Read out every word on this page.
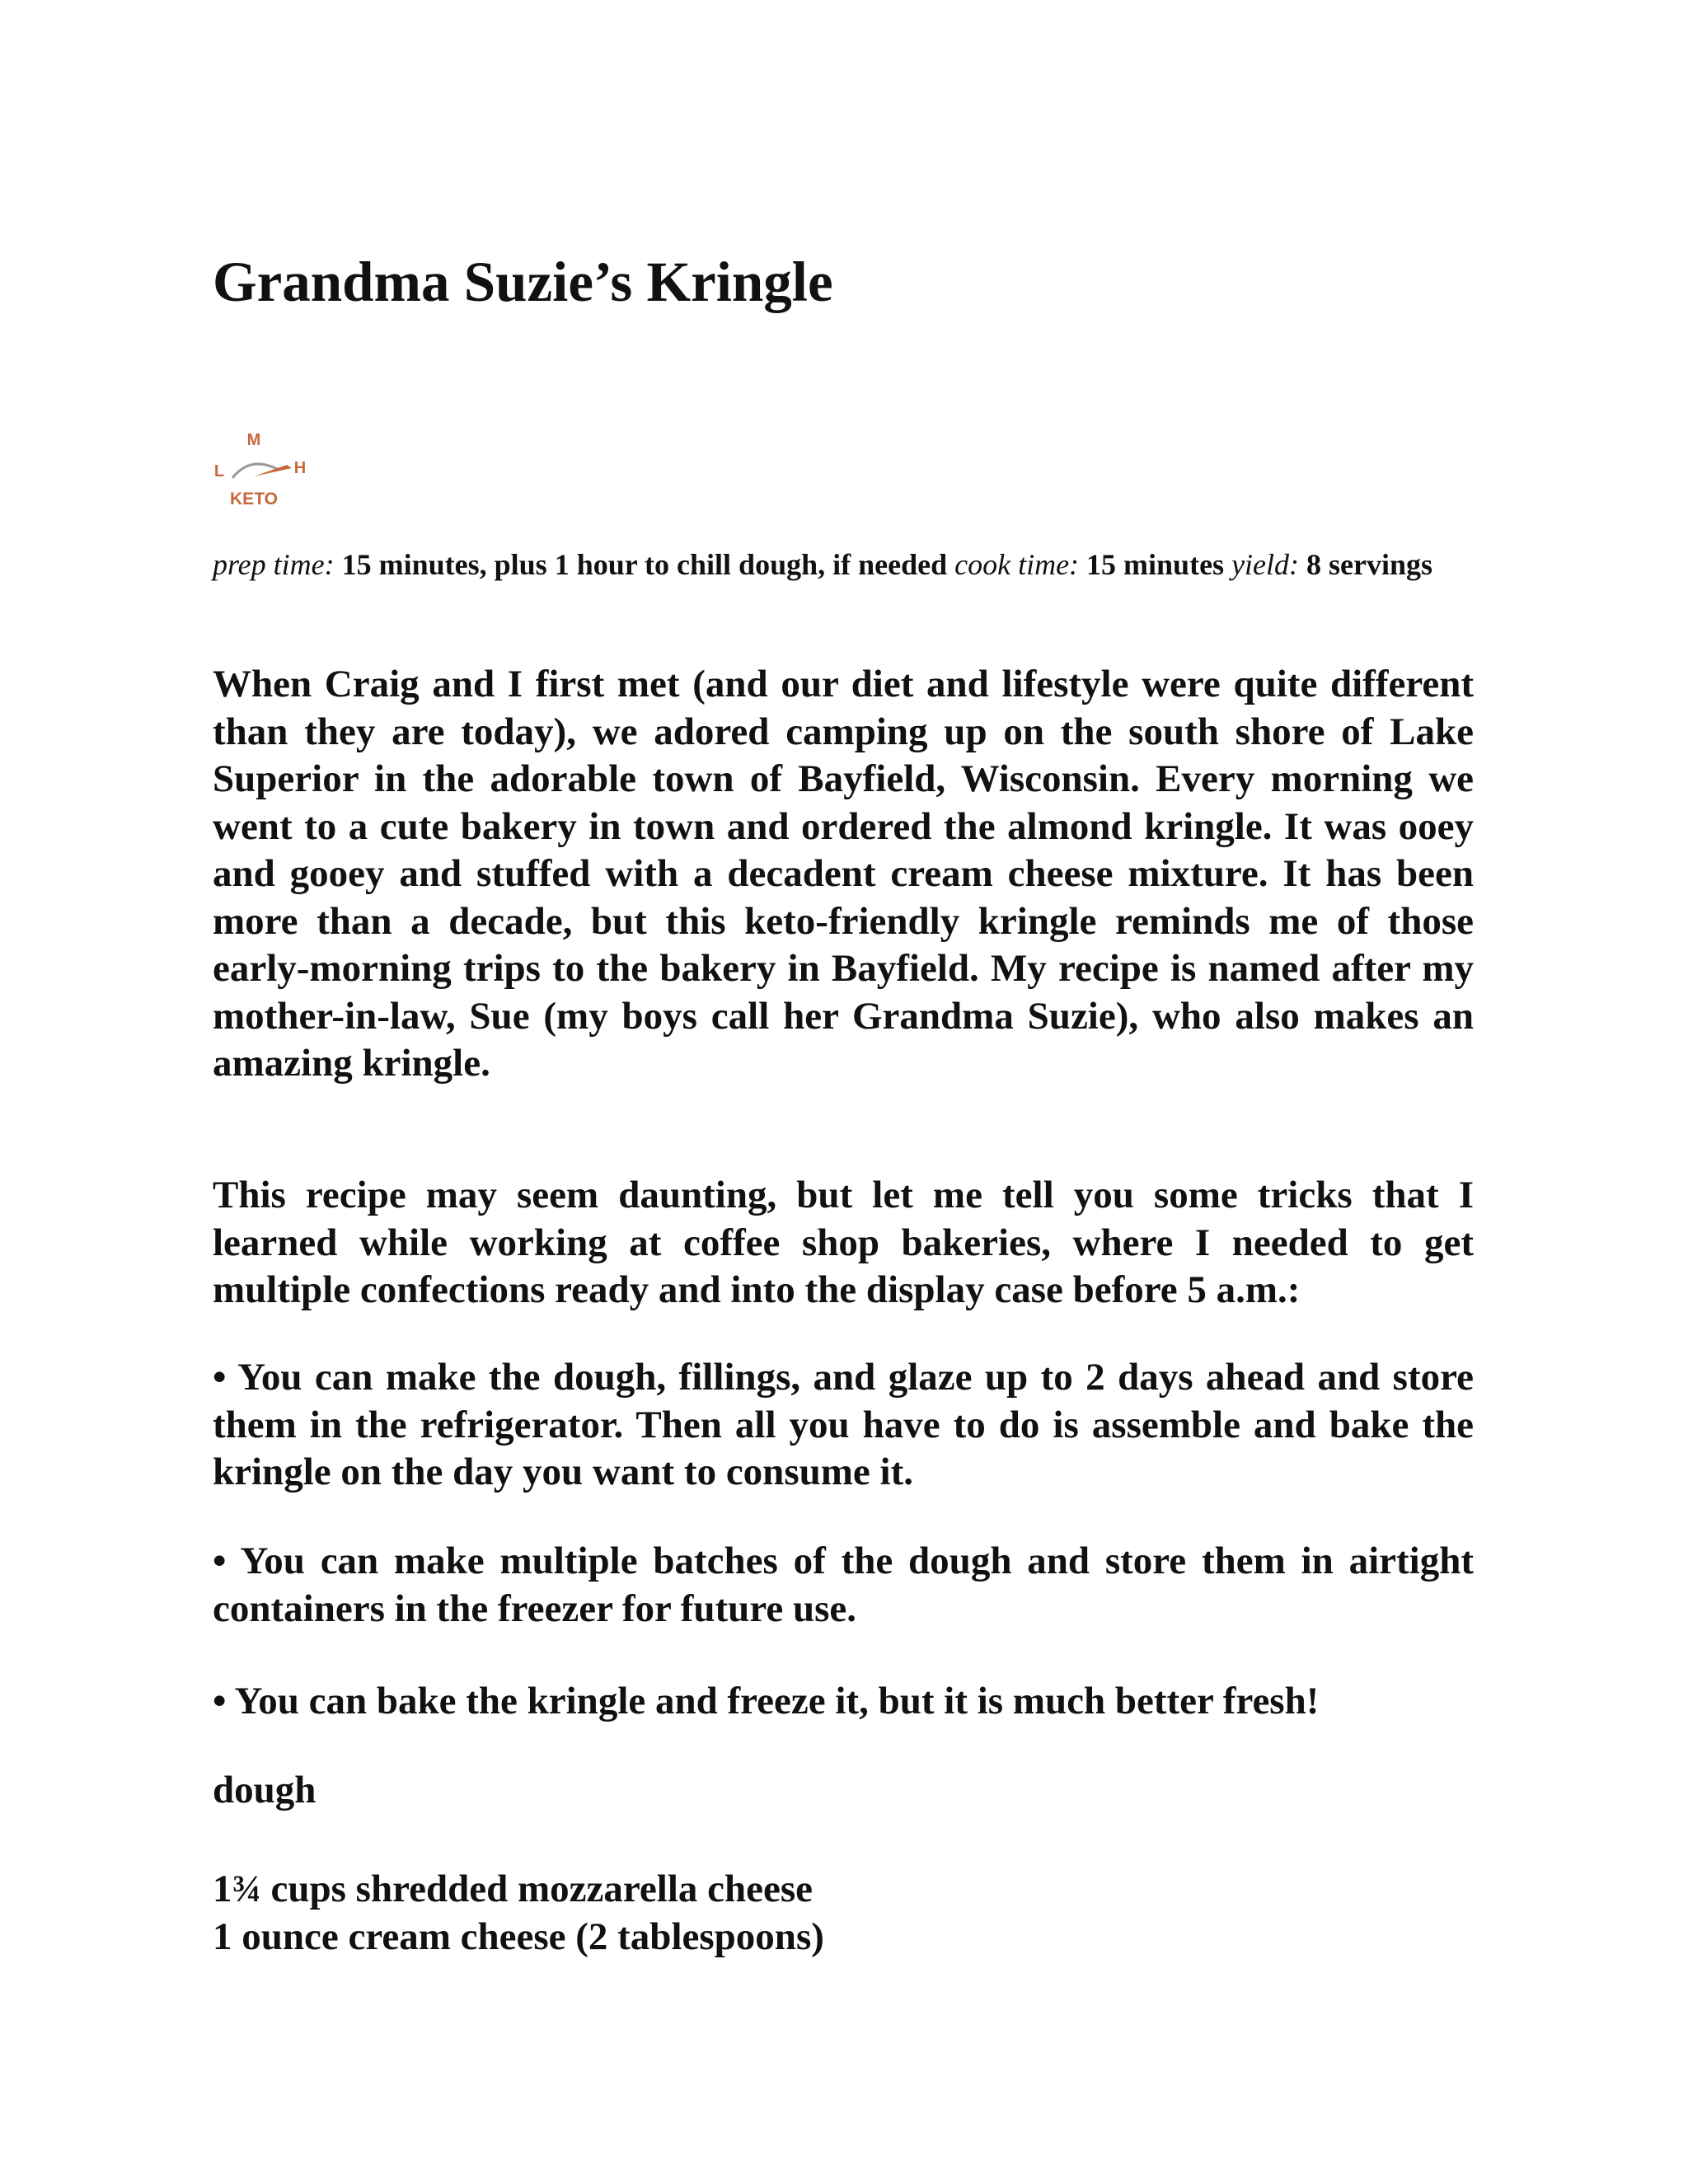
Grandma Suzie’s Kringle
M
L	H
KETO

prep time: 15 minutes, plus 1 hour to chill dough, if needed cook time: 15 minutes yield: 8 servings

When Craig and I first met (and our diet and lifestyle were quite different than they are today), we adored camping up on the south shore of Lake Superior in the adorable town of Bayfield, Wisconsin. Every morning we went to a cute bakery in town and ordered the almond kringle. It was ooey and gooey and stuffed with a decadent cream cheese mixture. It has been more than a decade, but this keto-friendly kringle reminds me of those early-morning trips to the bakery in Bayfield. My recipe is named after my mother-in-law, Sue (my boys call her Grandma Suzie), who also makes an amazing kringle.

This recipe may seem daunting, but let me tell you some tricks that I learned while working at coffee shop bakeries, where I needed to get multiple confections ready and into the display case before 5 a.m.:

• You can make the dough, fillings, and glaze up to 2 days ahead and store them in the refrigerator. Then all you have to do is assemble and bake the kringle on the day you want to consume it.

• You can make multiple batches of the dough and store them in airtight containers in the freezer for future use.

• You can bake the kringle and freeze it, but it is much better fresh!

dough

1¾ cups shredded mozzarella cheese
1 ounce cream cheese (2 tablespoons)
